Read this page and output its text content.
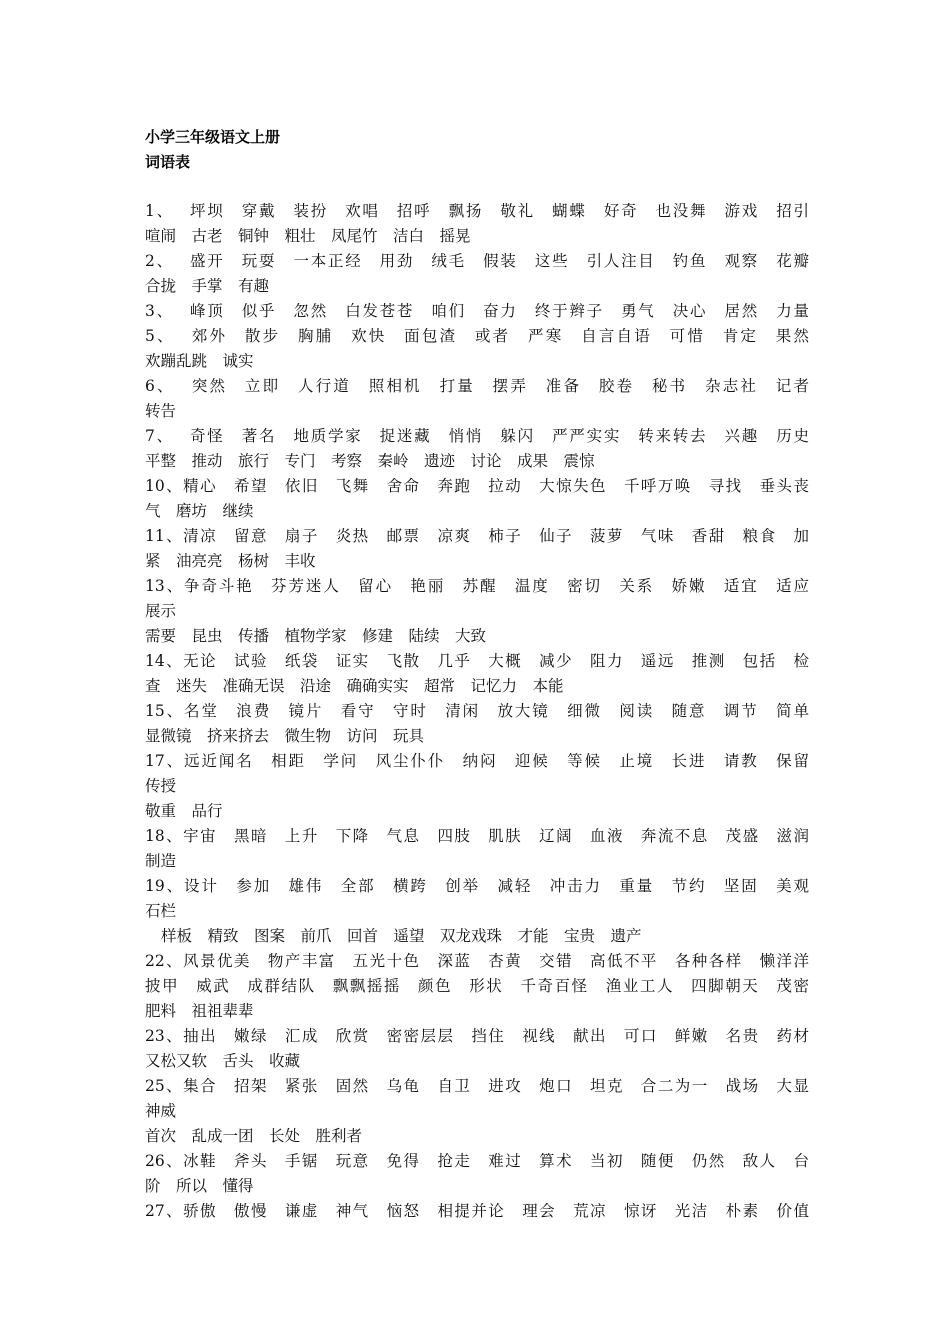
小学三年级语文上册
词语表
1、　 坪坝　穿戴　装扮　欢唱　招呼　飘扬　敬礼　蝴蝶　好奇　也没舞　游戏　招引
喧闹　古老　铜钟　粗壮　凤尾竹　洁白　摇晃
2、　 盛开　玩耍　一本正经　用劲　绒毛　假装　这些　引人注目　钓鱼　观察　花瓣
合拢　手掌　有趣
3、　 峰顶　似乎　忽然　白发苍苍　咱们　奋力　终于辫子　勇气　决心　居然　力量
5、　 郊外　散步　胸脯　欢快　面包渣　或者　严寒　自言自语　可惜　肯定　果然
欢蹦乱跳　诚实
6、　 突然　立即　人行道　照相机　打量　摆弄　准备　胶卷　秘书　杂志社　记者
转告
7、　 奇怪　著名　地质学家　捉迷藏　悄悄　躲闪　严严实实　转来转去　兴趣　历史
平整　推动　旅行　专门　考察　秦岭　遗迹　讨论　成果　震惊
10、精心　希望　依旧　飞舞　舍命　奔跑　拉动　大惊失色　千呼万唤　寻找　垂头丧
气　磨坊　继续
11、清凉　留意　扇子　炎热　邮票　凉爽　柿子　仙子　菠萝　气味　香甜　粮食　加
紧　油亮亮　杨树　丰收
13、争奇斗艳　芬芳迷人　留心　艳丽　苏醒　温度　密切　关系　娇嫩　适宜　适应
展示
需要　昆虫　传播　植物学家　修建　陆续　大致
14、无论　试验　纸袋　证实　飞散　几乎　大概　减少　阻力　遥远　推测　包括　检
查　迷失　准确无误　沿途　确确实实　超常　记忆力　本能
15、名堂　浪费　镜片　看守　守时　清闲　放大镜　细微　阅读　随意　调节　简单
显微镜　挤来挤去　微生物　访问　玩具
17、远近闻名　相距　学问　风尘仆仆　纳闷　迎候　等候　止境　长进　请教　保留
传授
敬重　品行
18、宇宙　黑暗　上升　下降　气息　四肢　肌肤　辽阔　血液　奔流不息　茂盛　滋润
制造
19、设计　参加　雄伟　全部　横跨　创举　减轻　冲击力　重量　节约　坚固　美观
石栏
样板　精致　图案　前爪　回首　遥望　双龙戏珠　才能　宝贵　遗产
22、风景优美　物产丰富　五光十色　深蓝　杏黄　交错　高低不平　各种各样　懒洋洋
披甲　威武　成群结队　飘飘摇摇　颜色　形状　千奇百怪　渔业工人　四脚朝天　茂密
肥料　祖祖辈辈
23、抽出　嫩绿　汇成　欣赏　密密层层　挡住　视线　献出　可口　鲜嫩　名贵　药材
又松又软　舌头　收藏
25、集合　招架　紧张　固然　乌龟　自卫　进攻　炮口　坦克　合二为一　战场　大显
神威
首次　乱成一团　长处　胜利者
26、冰鞋　斧头　手锯　玩意　免得　抢走　难过　算术　当初　随便　仍然　敌人　台
阶　所以　懂得
27、骄傲　傲慢　谦虚　神气　恼怒　相提并论　理会　荒凉　惊讶　光洁　朴素　价值
